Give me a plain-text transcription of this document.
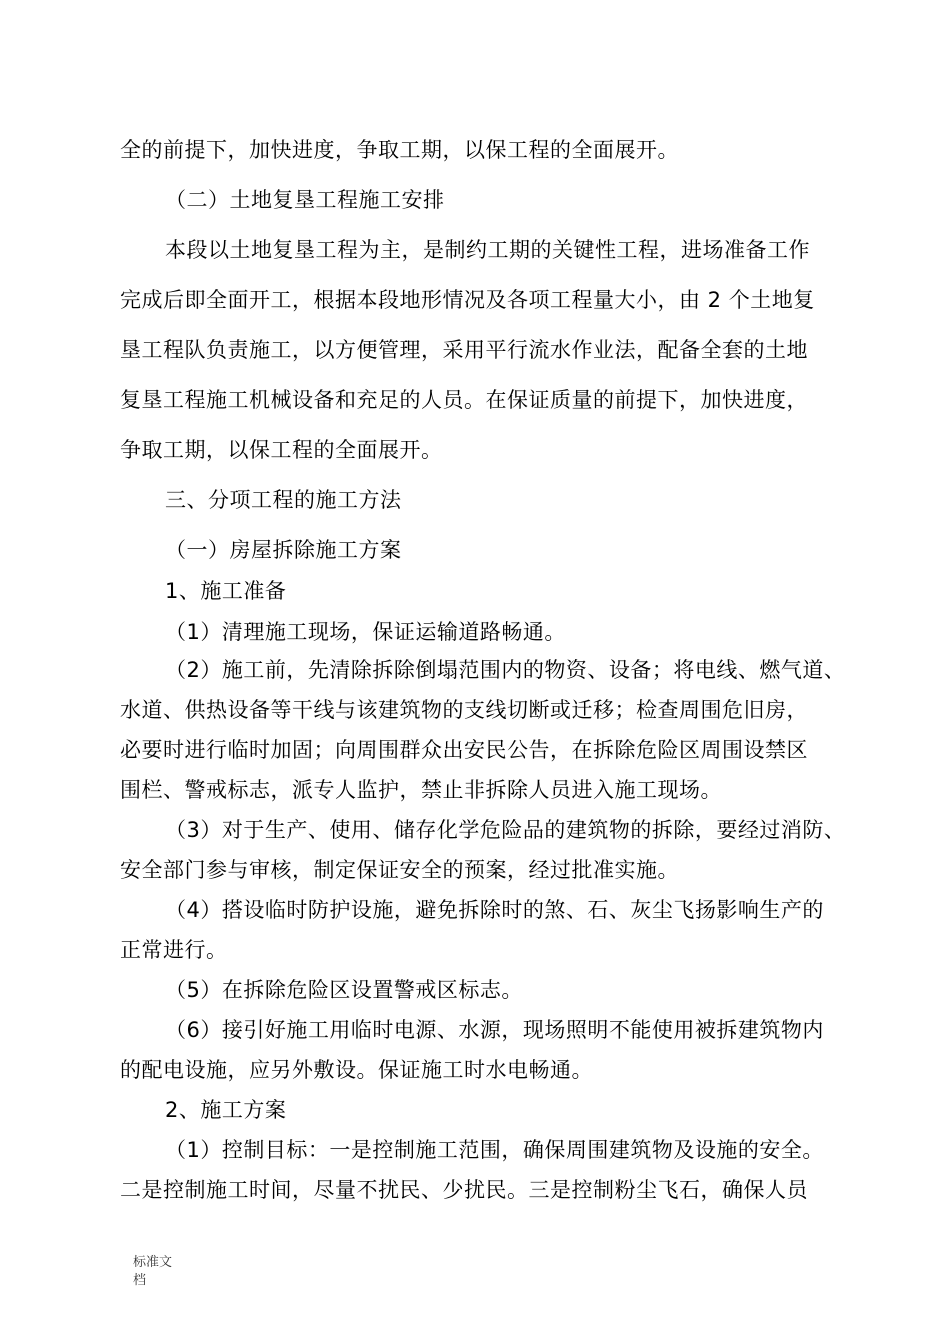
全的前提下，加快进度，争取工期，以保工程的全面展开。
（二）土地复垦工程施工安排
本段以土地复垦工程为主，是制约工期的关键性工程，进场准备工作
完成后即全面开工，根据本段地形情况及各项工程量大小，由 2 个土地复
垦工程队负责施工，以方便管理，采用平行流水作业法，配备全套的土地
复垦工程施工机械设备和充足的人员。在保证质量的前提下，加快进度，
争取工期，以保工程的全面展开。
三、分项工程的施工方法
（一）房屋拆除施工方案
1、施工准备
（1）清理施工现场，保证运输道路畅通。
（2）施工前，先清除拆除倒塌范围内的物资、设备；将电线、燃气道、
水道、供热设备等干线与该建筑物的支线切断或迁移；检查周围危旧房，
必要时进行临时加固；向周围群众出安民公告，在拆除危险区周围设禁区
围栏、警戒标志，派专人监护，禁止非拆除人员进入施工现场。
（3）对于生产、使用、储存化学危险品的建筑物的拆除，要经过消防、
安全部门参与审核，制定保证安全的预案，经过批准实施。
（4）搭设临时防护设施，避免拆除时的煞、石、灰尘飞扬影响生产的
正常进行。
（5）在拆除危险区设置警戒区标志。
（6）接引好施工用临时电源、水源，现场照明不能使用被拆建筑物内
的配电设施，应另外敷设。保证施工时水电畅通。
2、施工方案
（1）控制目标：一是控制施工范围，确保周围建筑物及设施的安全。
二是控制施工时间，尽量不扰民、少扰民。三是控制粉尘飞石，确保人员
标准文
档
